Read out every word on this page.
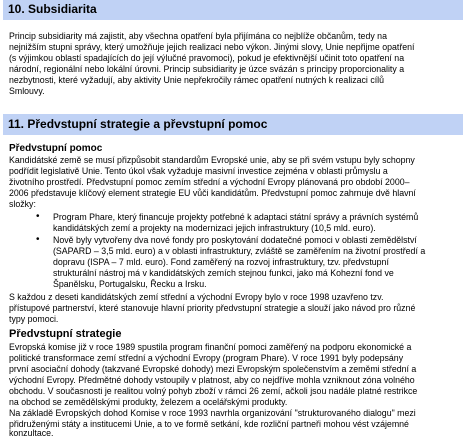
10. Subsidiarita
Princip subsidiarity má zajistit, aby všechna opatření byla přijímána co nejblíže občanům, tedy na
nejnižším stupni správy, který umožňuje jejich realizaci nebo výkon. Jinými slovy, Unie nepřijme opatření
(s výjimkou oblastí spadajících do její výlučné pravomoci), pokud je efektivnější učinit toto opatření na
národní, regionální nebo lokální úrovni. Princip subsidiarity je úzce svázán s principy proporcionality a
nezbytnosti, které vyžadují, aby aktivity Unie nepřekročily rámec opatření nutných k realizaci cílů
Smlouvy.
11. Předvstupní strategie a převstupní pomoc
Předvstupní pomoc
Kandidátské země se musí přizpůsobit standardům Evropské unie, aby se při svém vstupu byly schopny
podřídit legislativě Unie. Tento úkol však vyžaduje masivní investice zejména v oblasti průmyslu a
životního prostředí. Předvstupní pomoc zemím střední a východní Evropy plánovaná pro období 2000–
2006 představuje klíčový element strategie EU vůči kandidátům. Předvstupní pomoc zahrnuje dvě hlavní
složky:
• Program Phare, který financuje projekty potřebné k adaptaci státní správy a právních systémů
kandidátských zemí a projekty na modernizaci jejich infrastruktury (10,5 mld. euro).
• Nově byly vytvořeny dva nové fondy pro poskytování dodatečné pomoci v oblasti zemědělství
(SAPARD – 3,5 mld. euro) a v oblasti infrastruktury, zvláště se zaměřením na životní prostředí a
dopravu (ISPA – 7 mld. euro). Fond zaměřený na rozvoj infrastruktury, tzv. předvstupní
strukturální nástroj má v kandidátských zemích stejnou funkci, jako má Kohezní fond ve
Španělsku, Portugalsku, Řecku a Irsku.
S každou z deseti kandidátských zemí střední a východní Evropy bylo v roce 1998 uzavřeno tzv.
přístupové partnerství, které stanovuje hlavní priority předvstupní strategie a slouží jako návod pro různé
typy pomoci.
Předvstupní strategie
Evropská komise již v roce 1989 spustila program finanční pomoci zaměřený na podporu ekonomické a
politické transformace zemí střední a východní Evropy (program Phare). V roce 1991 byly podepsány
první asociační dohody (takzvané Evropské dohody) mezi Evropským společenstvím a zeměmi střední a
východní Evropy. Předmětné dohody vstoupily v platnost, aby co nejdříve mohla vzniknout zóna volného
obchodu. V současnosti je realitou volný pohyb zboží v rámci 26 zemí, ačkoli jsou nadále platné restrikce
na obchod se zemědělskými produkty, železem a ocelářskými produkty.
Na základě Evropských dohod Komise v roce 1993 navrhla organizování "strukturovaného dialogu" mezi
přidruženými státy a institucemi Unie, a to ve formě setkání, kde rozliční partneři mohou vést vzájemné
konzultace.
